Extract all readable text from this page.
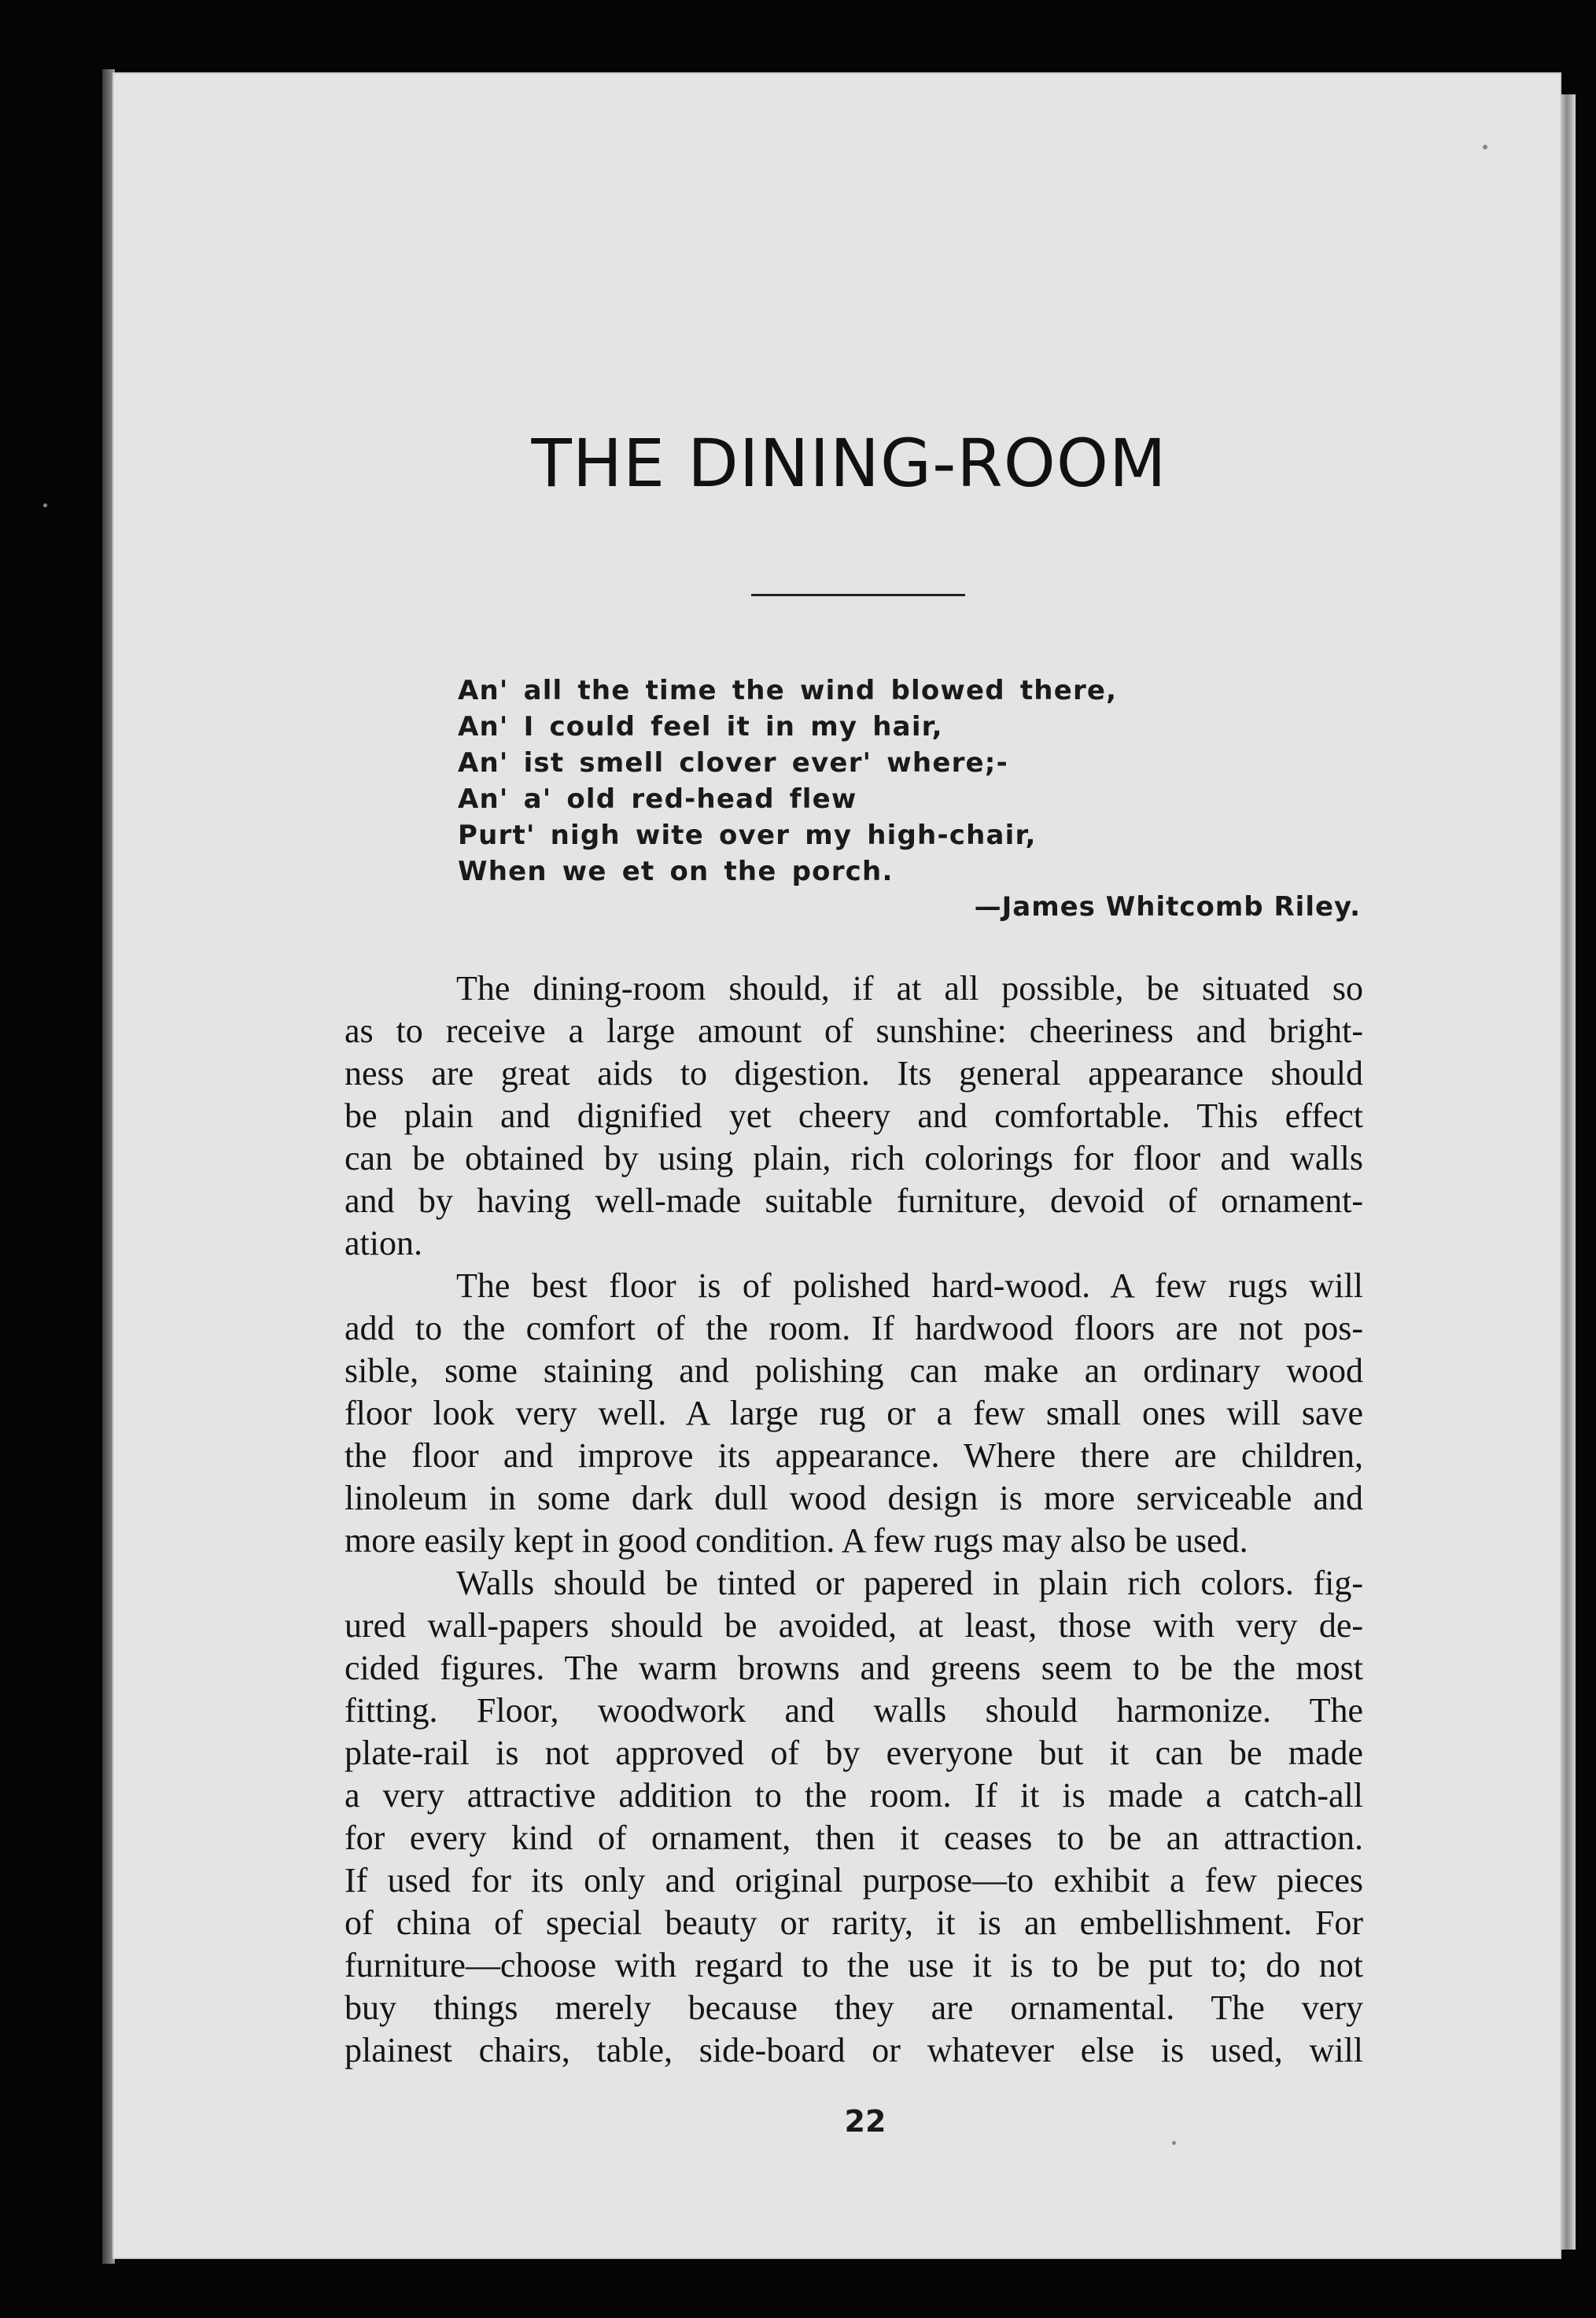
THE DINING-ROOM
An' all the time the wind blowed there,
An' I could feel it in my hair,
An' ist smell clover ever' where;-
An' a' old red-head flew
Purt' nigh wite over my high-chair,
When we et on the porch.
—James Whitcomb Riley.
The dining-room should, if at all possible, be situated so
as to receive a large amount of sunshine: cheeriness and bright-
ness are great aids to digestion. Its general appearance should
be plain and dignified yet cheery and comfortable. This effect
can be obtained by using plain, rich colorings for floor and walls
and by having well-made suitable furniture, devoid of ornament-
ation.
The best floor is of polished hard-wood. A few rugs will
add to the comfort of the room. If hardwood floors are not pos-
sible, some staining and polishing can make an ordinary wood
floor look very well. A large rug or a few small ones will save
the floor and improve its appearance. Where there are children,
linoleum in some dark dull wood design is more serviceable and
more easily kept in good condition. A few rugs may also be used.
Walls should be tinted or papered in plain rich colors. fig-
ured wall-papers should be avoided, at least, those with very de-
cided figures. The warm browns and greens seem to be the most
fitting. Floor, woodwork and walls should harmonize. The
plate-rail is not approved of by everyone but it can be made
a very attractive addition to the room. If it is made a catch-all
for every kind of ornament, then it ceases to be an attraction.
If used for its only and original purpose—to exhibit a few pieces
of china of special beauty or rarity, it is an embellishment. For
furniture—choose with regard to the use it is to be put to; do not
buy things merely because they are ornamental. The very
plainest chairs, table, side-board or whatever else is used, will
22
